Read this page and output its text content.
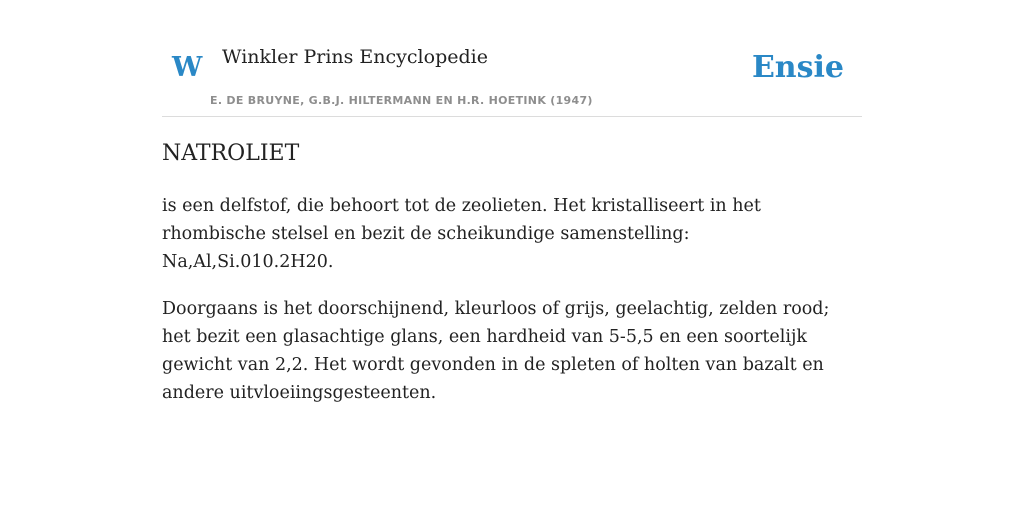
W Winkler Prins Encyclopedie
E. DE BRUYNE, G.B.J. HILTERMANN EN H.R. HOETINK (1947)
Ensie
NATROLIET

is een delfstof, die behoort tot de zeolieten. Het kristalliseert in het rhombische stelsel en bezit de scheikundige samenstelling: Na,Al,Si.010.2H20.

Doorgaans is het doorschijnend, kleurloos of grijs, geelachtig, zelden rood; het bezit een glasachtige glans, een hardheid van 5-5,5 en een soortelijk gewicht van 2,2. Het wordt gevonden in de spleten of holten van bazalt en andere uitvloeiingsgesteenten.
